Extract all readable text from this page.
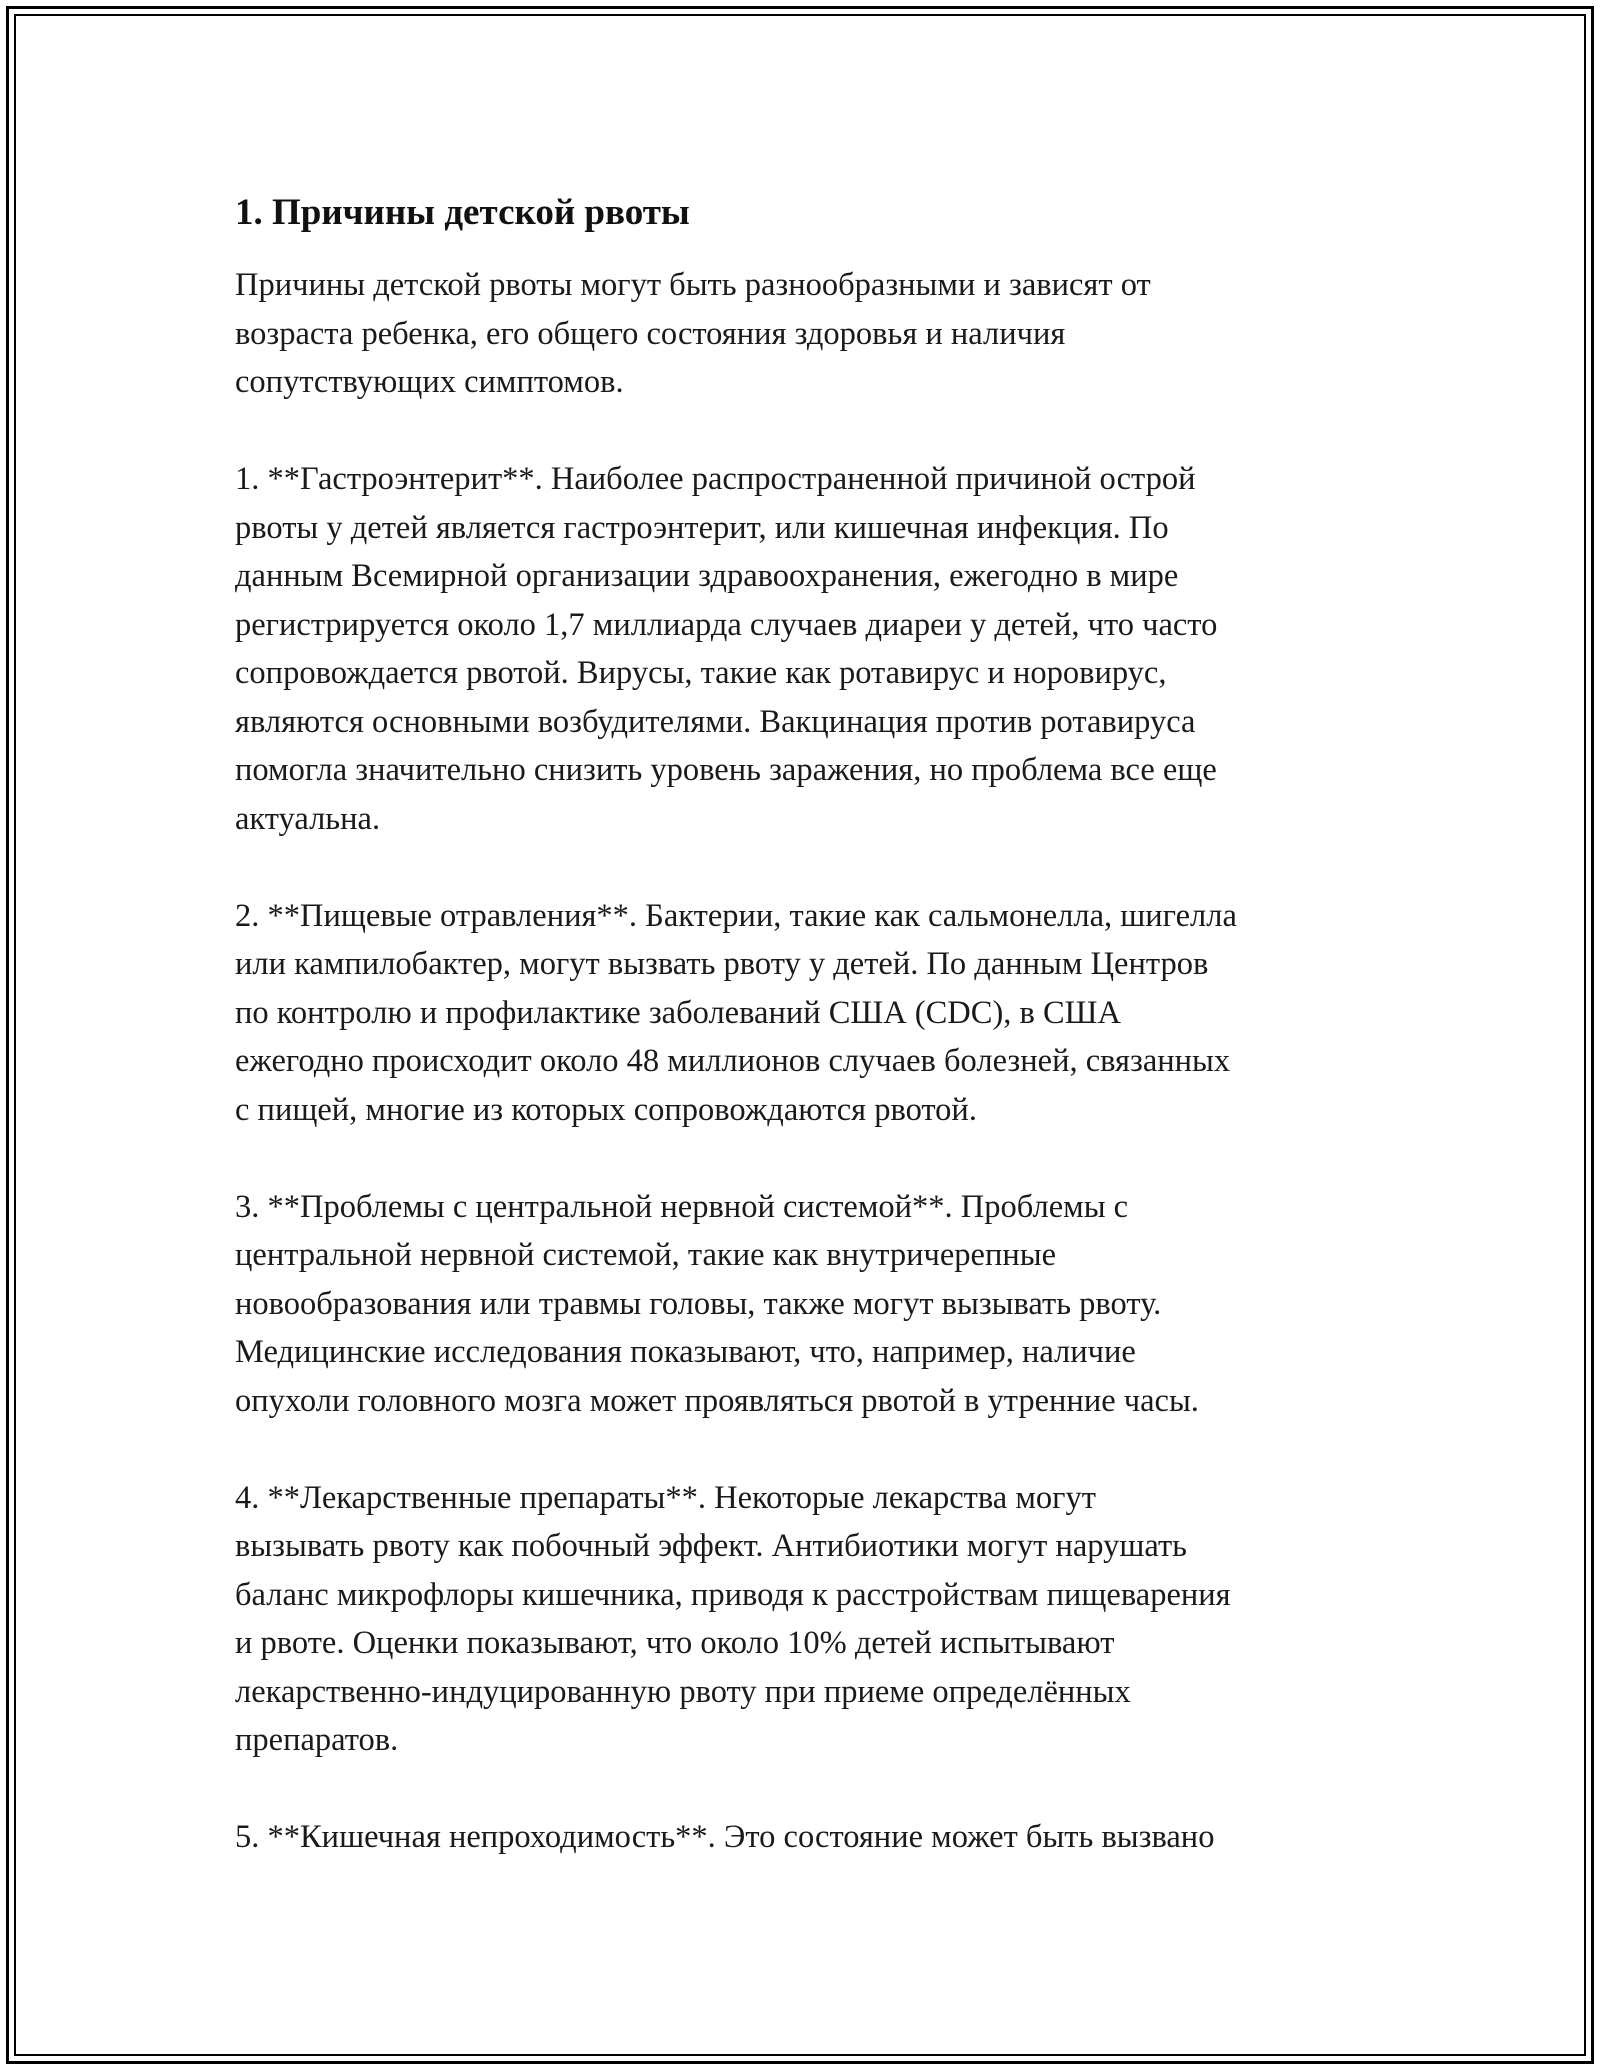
1. Причины детской рвоты

Причины детской рвоты могут быть разнообразными и зависят от
возраста ребенка, его общего состояния здоровья и наличия
сопутствующих симптомов.

1. **Гастроэнтерит**. Наиболее распространенной причиной острой
рвоты у детей является гастроэнтерит, или кишечная инфекция. По
данным Всемирной организации здравоохранения, ежегодно в мире
регистрируется около 1,7 миллиарда случаев диареи у детей, что часто
сопровождается рвотой. Вирусы, такие как ротавирус и норовирус,
являются основными возбудителями. Вакцинация против ротавируса
помогла значительно снизить уровень заражения, но проблема все еще
актуальна.

2. **Пищевые отравления**. Бактерии, такие как сальмонелла, шигелла
или кампилобактер, могут вызвать рвоту у детей. По данным Центров
по контролю и профилактике заболеваний США (CDC), в США
ежегодно происходит около 48 миллионов случаев болезней, связанных
с пищей, многие из которых сопровождаются рвотой.

3. **Проблемы с центральной нервной системой**. Проблемы с
центральной нервной системой, такие как внутричерепные
новообразования или травмы головы, также могут вызывать рвоту.
Медицинские исследования показывают, что, например, наличие
опухоли головного мозга может проявляться рвотой в утренние часы.

4. **Лекарственные препараты**. Некоторые лекарства могут
вызывать рвоту как побочный эффект. Антибиотики могут нарушать
баланс микрофлоры кишечника, приводя к расстройствам пищеварения
и рвоте. Оценки показывают, что около 10% детей испытывают
лекарственно-индуцированную рвоту при приеме определённых
препаратов.

5. **Кишечная непроходимость**. Это состояние может быть вызвано
